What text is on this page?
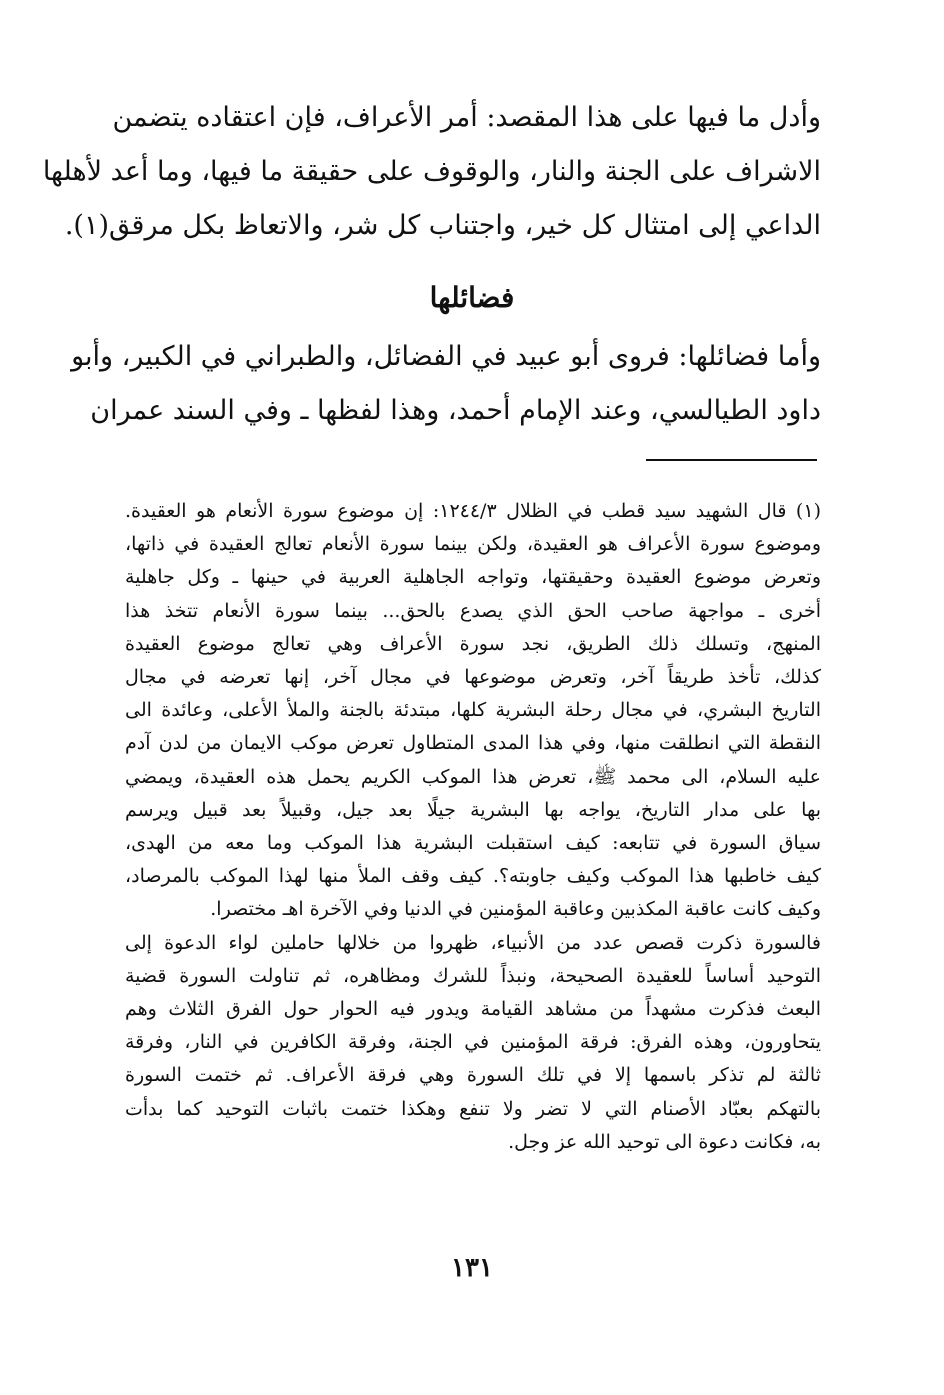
وأدل ما فيها على هذا المقصد: أمر الأعراف، فإن اعتقاده يتضمن
الاشراف على الجنة والنار، والوقوف على حقيقة ما فيها، وما أعد لأهلها
الداعي إلى امتثال كل خير، واجتناب كل شر، والاتعاظ بكل مرقق(١).
فضائلها
وأما فضائلها: فروى أبو عبيد في الفضائل، والطبراني في الكبير، وأبو
داود الطيالسي، وعند الإمام أحمد، وهذا لفظها ـ وفي السند عمران
(١) قال الشهيد سيد قطب في الظلال ١٢٤٤/٣: إن موضوع سورة الأنعام هو العقيدة.
وموضوع سورة الأعراف هو العقيدة، ولكن بينما سورة الأنعام تعالج العقيدة في ذاتها،
وتعرض موضوع العقيدة وحقيقتها، وتواجه الجاهلية العربية في حينها ـ وكل جاهلية
أخرى ـ مواجهة صاحب الحق الذي يصدع بالحق... بينما سورة الأنعام تتخذ هذا
المنهج، وتسلك ذلك الطريق، نجد سورة الأعراف وهي تعالج موضوع العقيدة
كذلك، تأخذ طريقاً آخر، وتعرض موضوعها في مجال آخر، إنها تعرضه في مجال
التاريخ البشري، في مجال رحلة البشرية كلها، مبتدئة بالجنة والملأ الأعلى، وعائدة الى
النقطة التي انطلقت منها، وفي هذا المدى المتطاول تعرض موكب الايمان من لدن آدم
عليه السلام، الى محمد ﷺ، تعرض هذا الموكب الكريم يحمل هذه العقيدة، ويمضي
بها على مدار التاريخ، يواجه بها البشرية جيلًا بعد جيل، وقبيلاً بعد قبيل ويرسم
سياق السورة في تتابعه: كيف استقبلت البشرية هذا الموكب وما معه من الهدى،
كيف خاطبها هذا الموكب وكيف جاوبته؟. كيف وقف الملأ منها لهذا الموكب بالمرصاد،
وكيف كانت عاقبة المكذبين وعاقبة المؤمنين في الدنيا وفي الآخرة اهـ مختصرا.
فالسورة ذكرت قصص عدد من الأنبياء، ظهروا من خلالها حاملين لواء الدعوة إلى
التوحيد أساساً للعقيدة الصحيحة، ونبذاً للشرك ومظاهره، ثم تناولت السورة قضية
البعث فذكرت مشهداً من مشاهد القيامة ويدور فيه الحوار حول الفرق الثلاث وهم
يتحاورون، وهذه الفرق: فرقة المؤمنين في الجنة، وفرقة الكافرين في النار، وفرقة
ثالثة لم تذكر باسمها إلا في تلك السورة وهي فرقة الأعراف. ثم ختمت السورة
بالتهكم بعبّاد الأصنام التي لا تضر ولا تنفع وهكذا ختمت باثبات التوحيد كما بدأت
به، فكانت دعوة الى توحيد الله عز وجل.
١٣١
